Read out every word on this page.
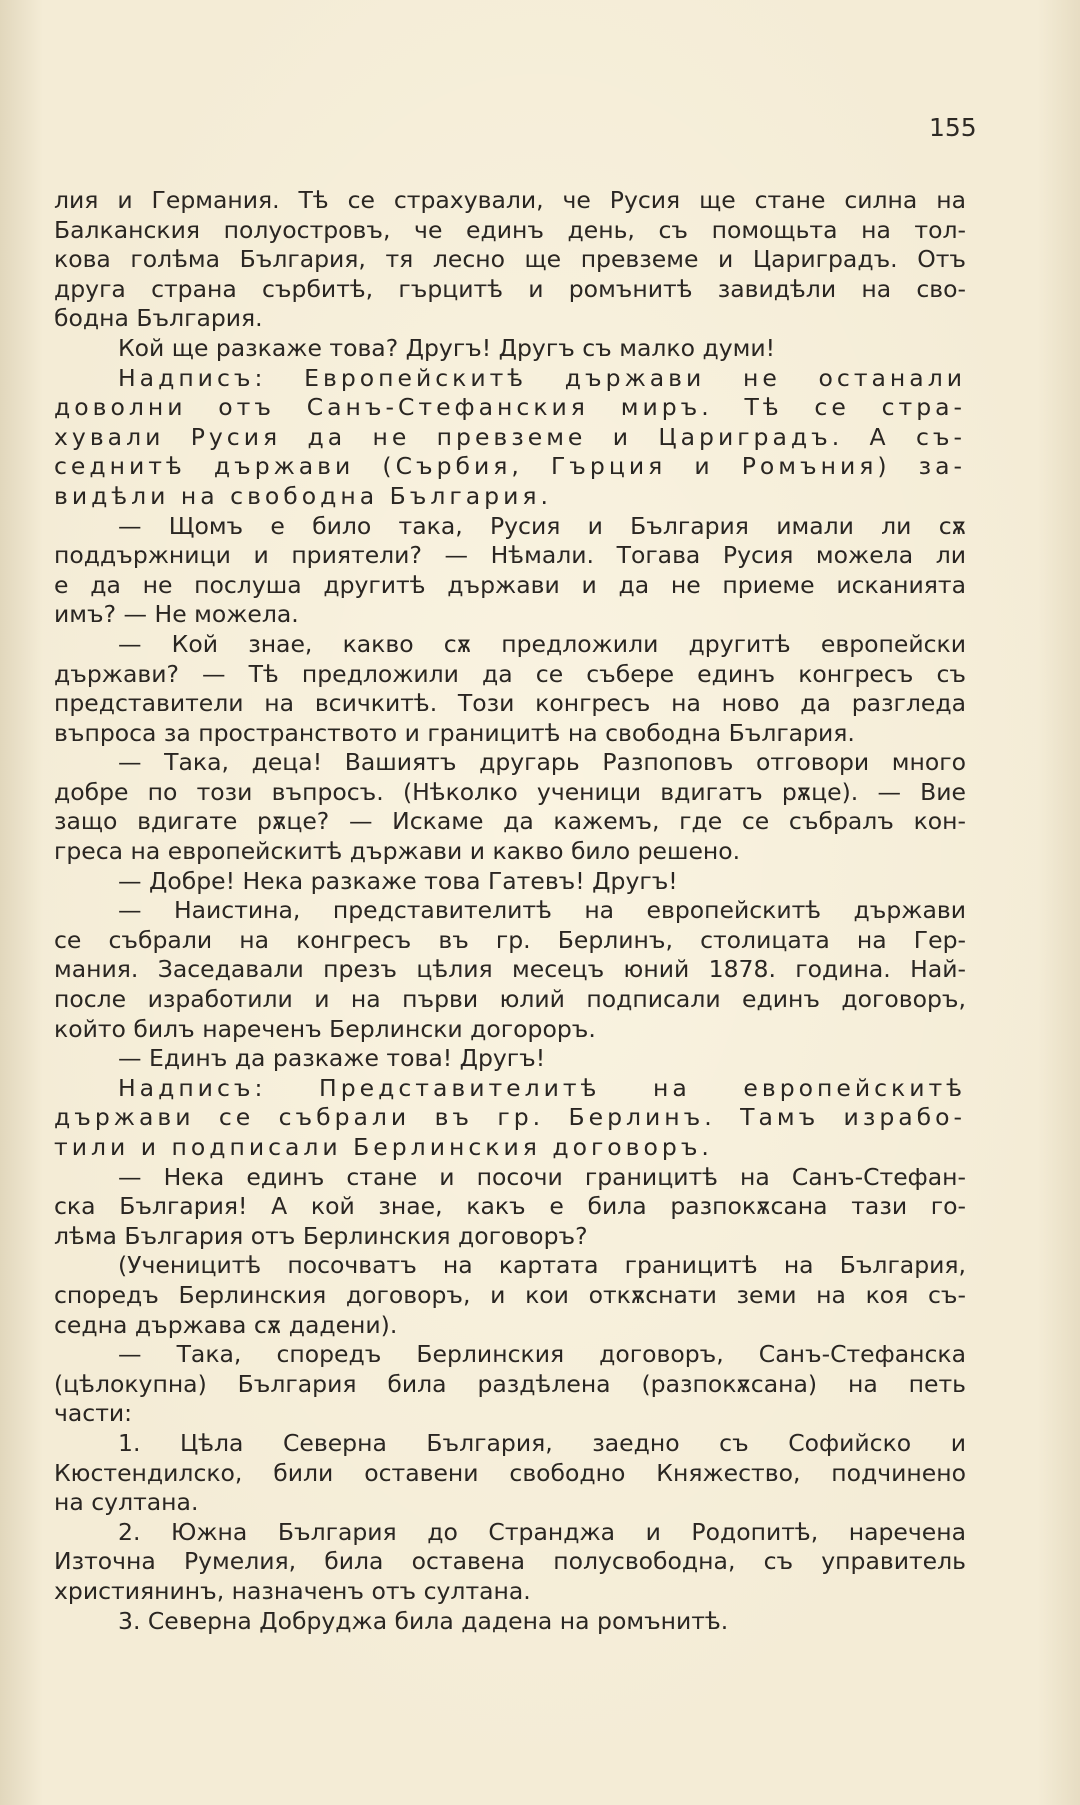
155
лия и Германия. Тѣ се страхували, че Русия ще стане силна на
Балканския полуостровъ, че единъ день, съ помощьта на тол-
кова голѣма България, тя лесно ще превземе и Цариградъ. Отъ
друга страна сърбитѣ, гърцитѣ и ромънитѣ завидѣли на сво-
бодна България.
Кой ще разкаже това? Другъ! Другъ съ малко думи!
Надписъ: Европейскитѣ държави не останали
доволни отъ Санъ-Стефанския миръ. Тѣ се стра-
хували Русия да не превземе и Цариградъ. А съ-
седнитѣ държави (Сърбия, Гърция и Ромъния) за-
видѣли на свободна България.
— Щомъ е било така, Русия и България имали ли сѫ
поддържници и приятели? — Нѣмали. Тогава Русия можела ли
е да не послуша другитѣ държави и да не приеме исканията
имъ? — Не можела.
— Кой знае, какво сѫ предложили другитѣ европейски
държави? — Тѣ предложили да се събере единъ конгресъ съ
представители на всичкитѣ. Този конгресъ на ново да разгледа
въпроса за пространството и границитѣ на свободна България.
— Така, деца! Вашиятъ другарь Разпоповъ отговори много
добре по този въпросъ. (Нѣколко ученици вдигатъ рѫце). — Вие
защо вдигате рѫце? — Искаме да кажемъ, где се събралъ кон-
греса на европейскитѣ държави и какво било решено.
— Добре! Нека разкаже това Гатевъ! Другъ!
— Наистина, представителитѣ на европейскитѣ държави
се събрали на конгресъ въ гр. Берлинъ, столицата на Гер-
мания. Заседавали презъ цѣлия месецъ юний 1878. година. Най-
после изработили и на първи юлий подписали единъ договоръ,
който билъ нареченъ Берлински догороръ.
— Единъ да разкаже това! Другъ!
Надписъ: Представителитѣ на европейскитѣ
държави се събрали въ гр. Берлинъ. Тамъ израбо-
тили и подписали Берлинския договоръ.
— Нека единъ стане и посочи границитѣ на Санъ-Стефан-
ска България! А кой знае, какъ е била разпокѫсана тази го-
лѣма България отъ Берлинския договоръ?
(Ученицитѣ посочватъ на картата границитѣ на България,
споредъ Берлинския договоръ, и кои откѫснати земи на коя съ-
седна държава сѫ дадени).
— Така, споредъ Берлинския договоръ, Санъ-Стефанска
(цѣлокупна) България била раздѣлена (разпокѫсана) на петь
части:
1. Цѣла Северна България, заедно съ Софийско и
Кюстендилско, били оставени свободно Княжество, подчинено
на султана.
2. Южна България до Странджа и Родопитѣ, наречена
Източна Румелия, била оставена полусвободна, съ управитель
християнинъ, назначенъ отъ султана.
3. Северна Добруджа била дадена на ромънитѣ.
